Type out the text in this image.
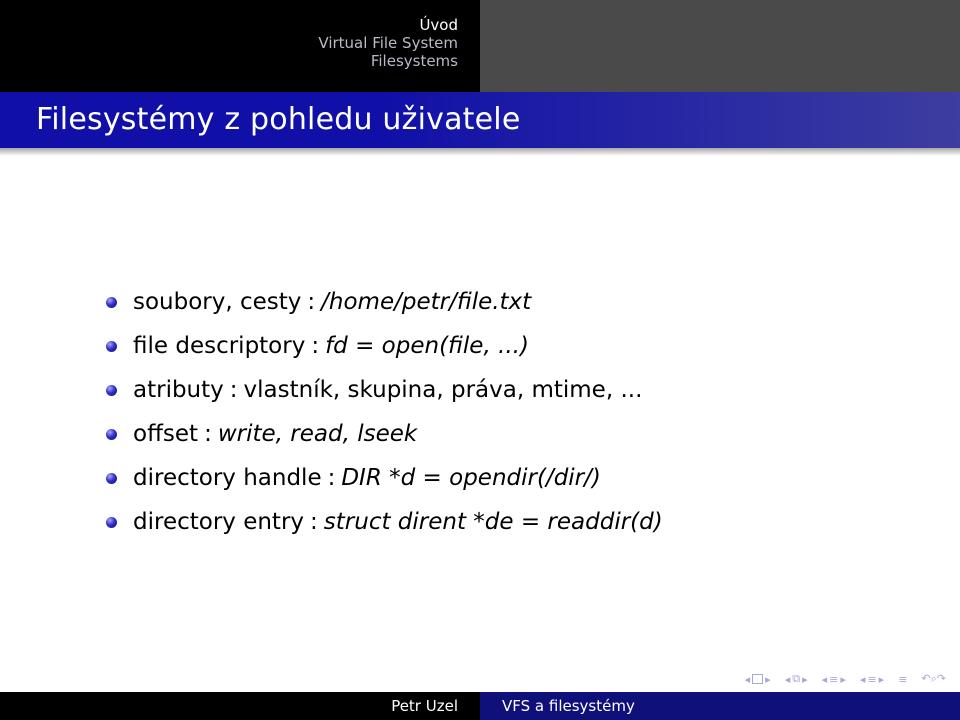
Úvod
Virtual File System
Filesystems
Filesystémy z pohledu uživatele
soubory, cesty : /home/petr/file.txt
file descriptory : fd = open(file, ...)
atributy : vlastník, skupina, práva, mtime, ...
offset : write, read, lseek
directory handle : DIR *d = opendir(/dir/)
directory entry : struct dirent *de = readdir(d)
◂ ▸ ◂ ⧉ ▸ ◂ ≡ ▸ ◂ ≡ ▸ ≡ ↶⌕↷
Petr Uzel	VFS a filesystémy
